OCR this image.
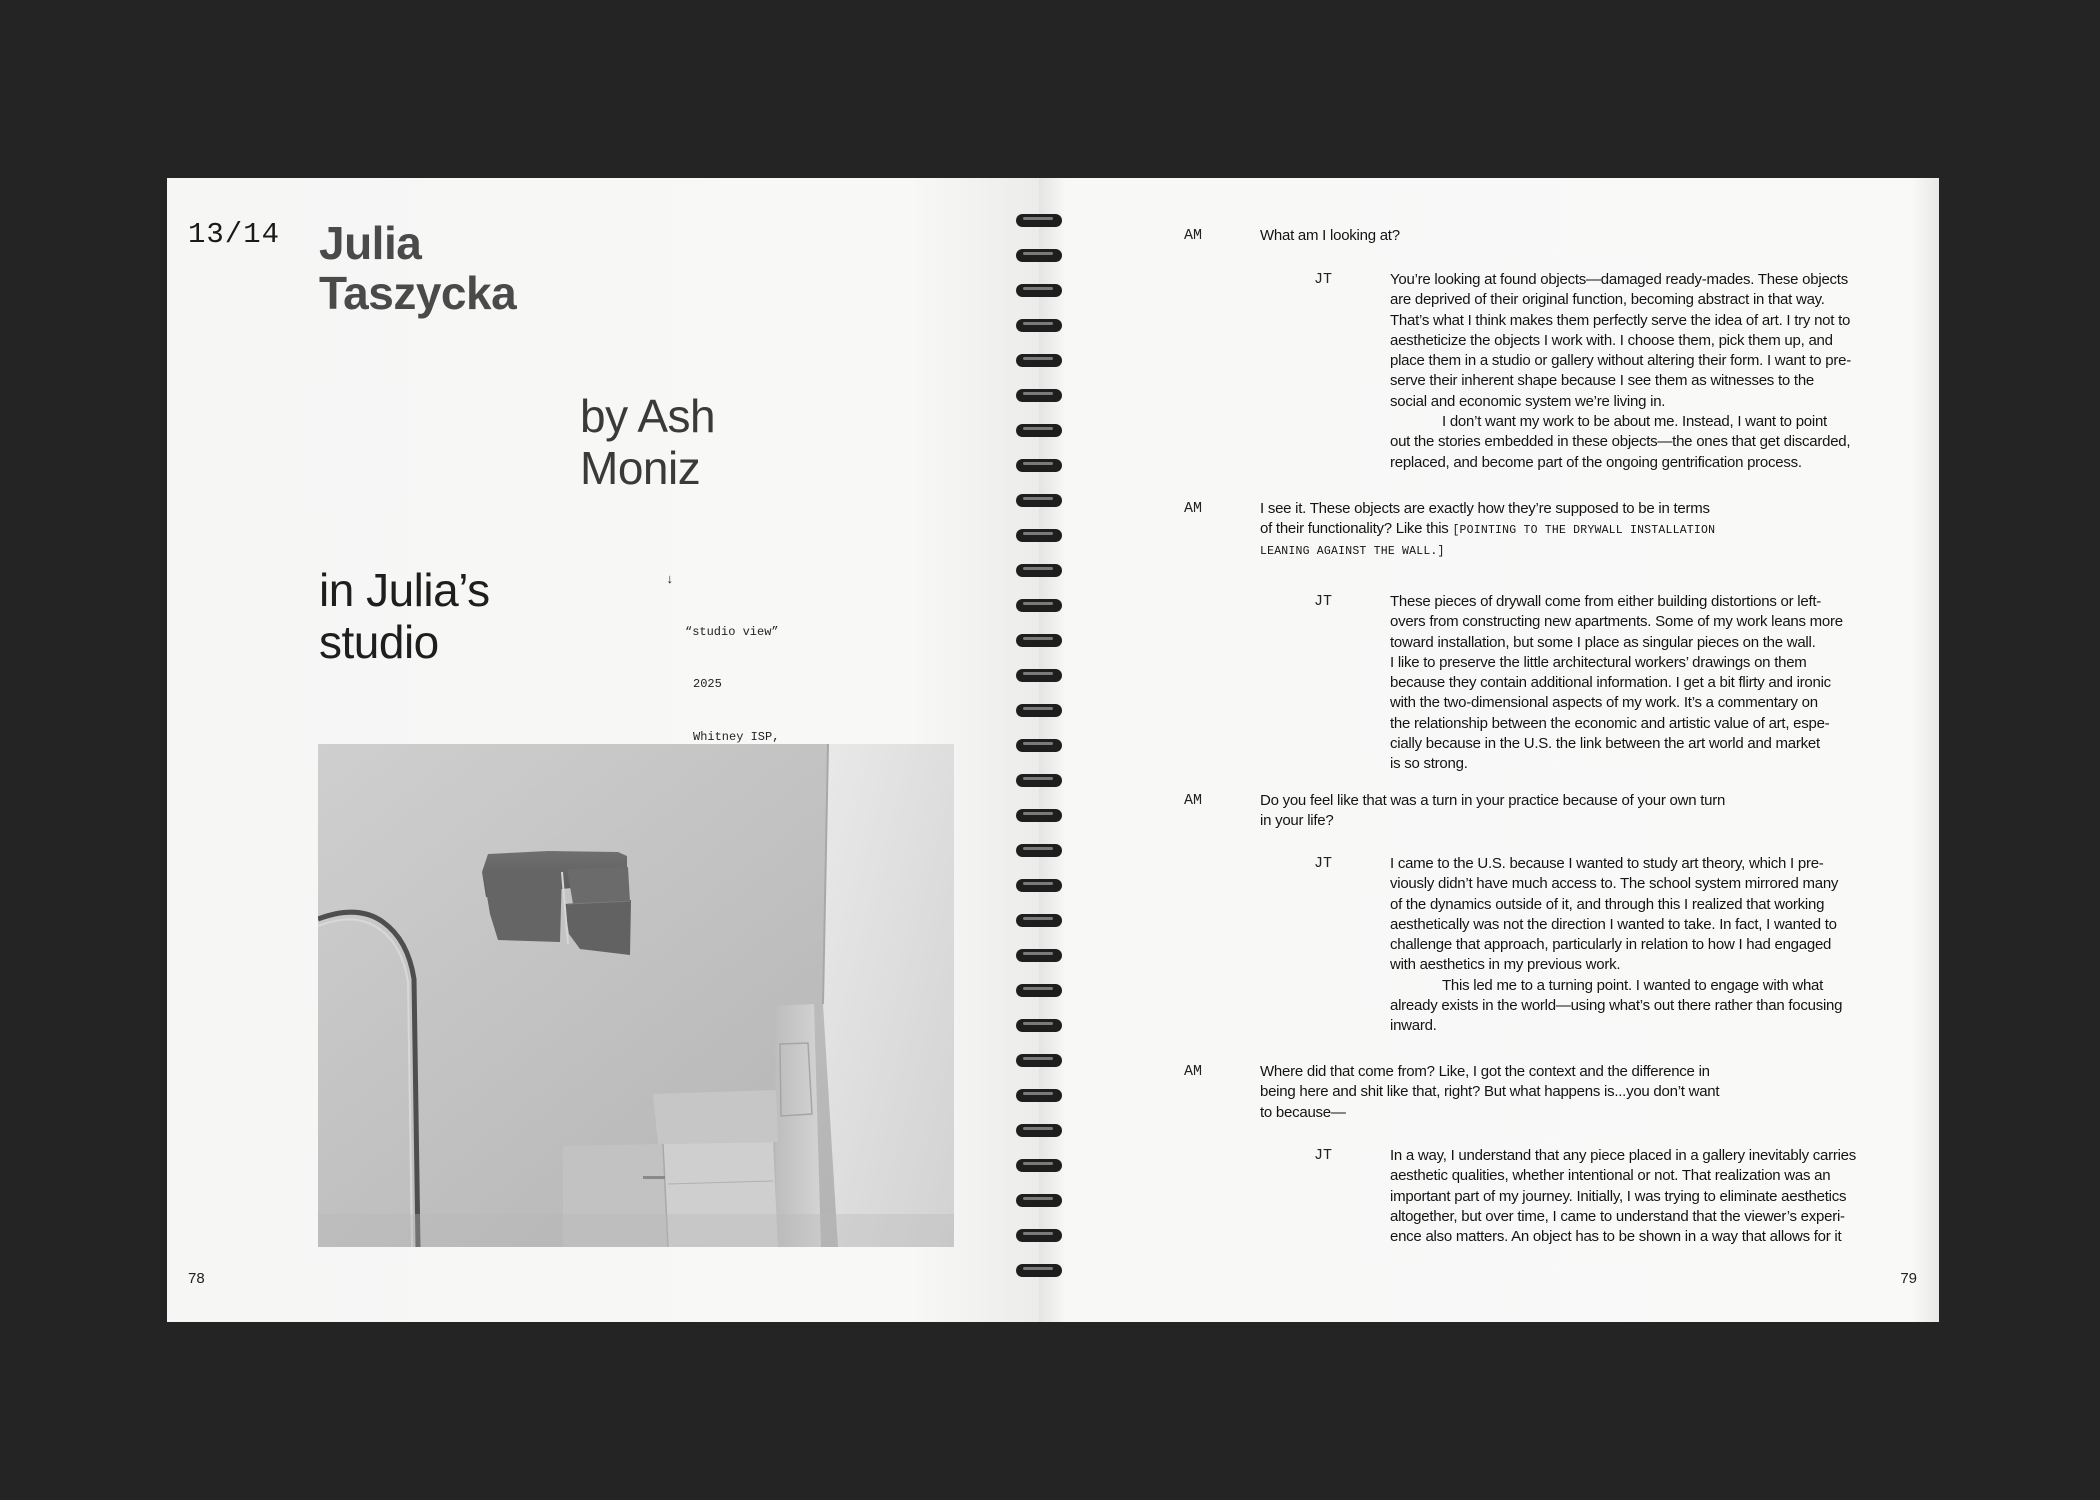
13/14 Julia
Taszycka
by Ash
Moniz
in Julia’s
studio

↓

“studio view”

2025

Whitney ISP,

78
AM	What am I looking at?

JT	You’re looking at found objects—damaged ready-mades. These objects

are deprived of their original function, becoming abstract in that way.

That’s what I think makes them perfectly serve the idea of art. I try not to

aestheticize the objects I work with. I choose them, pick them up, and

place them in a studio or gallery without altering their form. I want to pre-

serve their inherent shape because I see them as witnesses to the

social and economic system we’re living in.

I don’t want my work to be about me. Instead, I want to point

out the stories embedded in these objects—the ones that get discarded,

replaced, and become part of the ongoing gentrification process.

AM	I see it. These objects are exactly how they’re supposed to be in terms

of their functionality? Like this [POINTING TO THE DRYWALL INSTALLATION

LEANING AGAINST THE WALL.]

JT	These pieces of drywall come from either building distortions or left-

overs from constructing new apartments. Some of my work leans more

toward installation, but some I place as singular pieces on the wall.

I like to preserve the little architectural workers’ drawings on them

because they contain additional information. I get a bit flirty and ironic

with the two-dimensional aspects of my work. It’s a commentary on

the relationship between the economic and artistic value of art, espe-

cially because in the U.S. the link between the art world and market

is so strong.

AM	Do you feel like that was a turn in your practice because of your own turn

in your life?

JT	I came to the U.S. because I wanted to study art theory, which I pre-

viously didn’t have much access to. The school system mirrored many

of the dynamics outside of it, and through this I realized that working

aesthetically was not the direction I wanted to take. In fact, I wanted to

challenge that approach, particularly in relation to how I had engaged

with aesthetics in my previous work.

This led me to a turning point. I wanted to engage with what

already exists in the world—using what’s out there rather than focusing

inward.

AM	Where did that come from? Like, I got the context and the difference in

being here and shit like that, right? But what happens is...you don’t want

to because—

JT	In a way, I understand that any piece placed in a gallery inevitably carries

aesthetic qualities, whether intentional or not. That realization was an

important part of my journey. Initially, I was trying to eliminate aesthetics

altogether, but over time, I came to understand that the viewer’s experi-

ence also matters. An object has to be shown in a way that allows for it

79
